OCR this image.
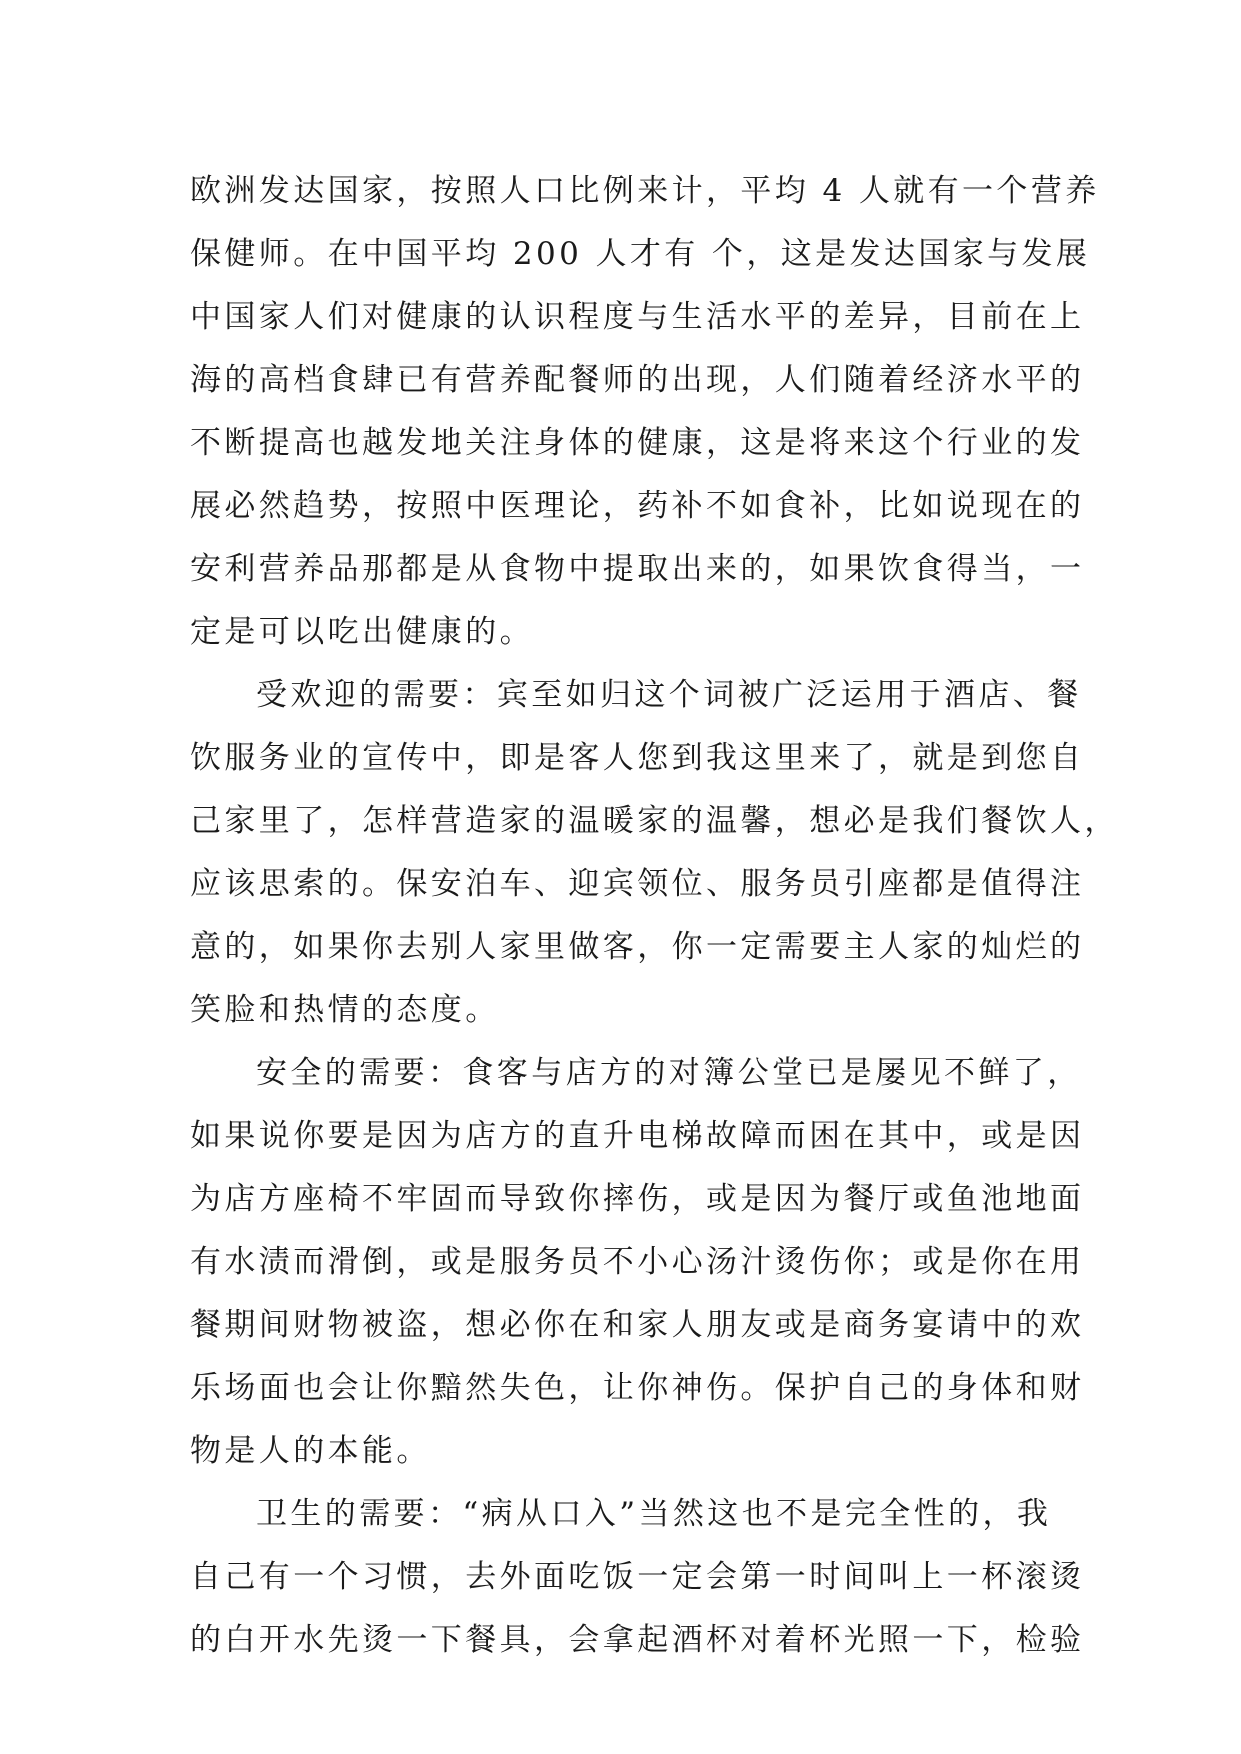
欧洲发达国家，按照人口比例来计，平均 4 人就有一个营养
保健师。在中国平均 200 人才有 个，这是发达国家与发展
中国家人们对健康的认识程度与生活水平的差异，目前在上
海的高档食肆已有营养配餐师的出现，人们随着经济水平的
不断提高也越发地关注身体的健康，这是将来这个行业的发
展必然趋势，按照中医理论，药补不如食补，比如说现在的
安利营养品那都是从食物中提取出来的，如果饮食得当，一
定是可以吃出健康的。
受欢迎的需要：宾至如归这个词被广泛运用于酒店、餐
饮服务业的宣传中，即是客人您到我这里来了，就是到您自
己家里了，怎样营造家的温暖家的温馨，想必是我们餐饮人，
应该思索的。保安泊车、迎宾领位、服务员引座都是值得注
意的，如果你去别人家里做客，你一定需要主人家的灿烂的
笑脸和热情的态度。
安全的需要：食客与店方的对簿公堂已是屡见不鲜了，
如果说你要是因为店方的直升电梯故障而困在其中，或是因
为店方座椅不牢固而导致你摔伤，或是因为餐厅或鱼池地面
有水渍而滑倒，或是服务员不小心汤汁烫伤你；或是你在用
餐期间财物被盗，想必你在和家人朋友或是商务宴请中的欢
乐场面也会让你黯然失色，让你神伤。保护自己的身体和财
物是人的本能。
卫生的需要：“病从口入”当然这也不是完全性的，我
自己有一个习惯，去外面吃饭一定会第一时间叫上一杯滚烫
的白开水先烫一下餐具，会拿起酒杯对着杯光照一下，检验
